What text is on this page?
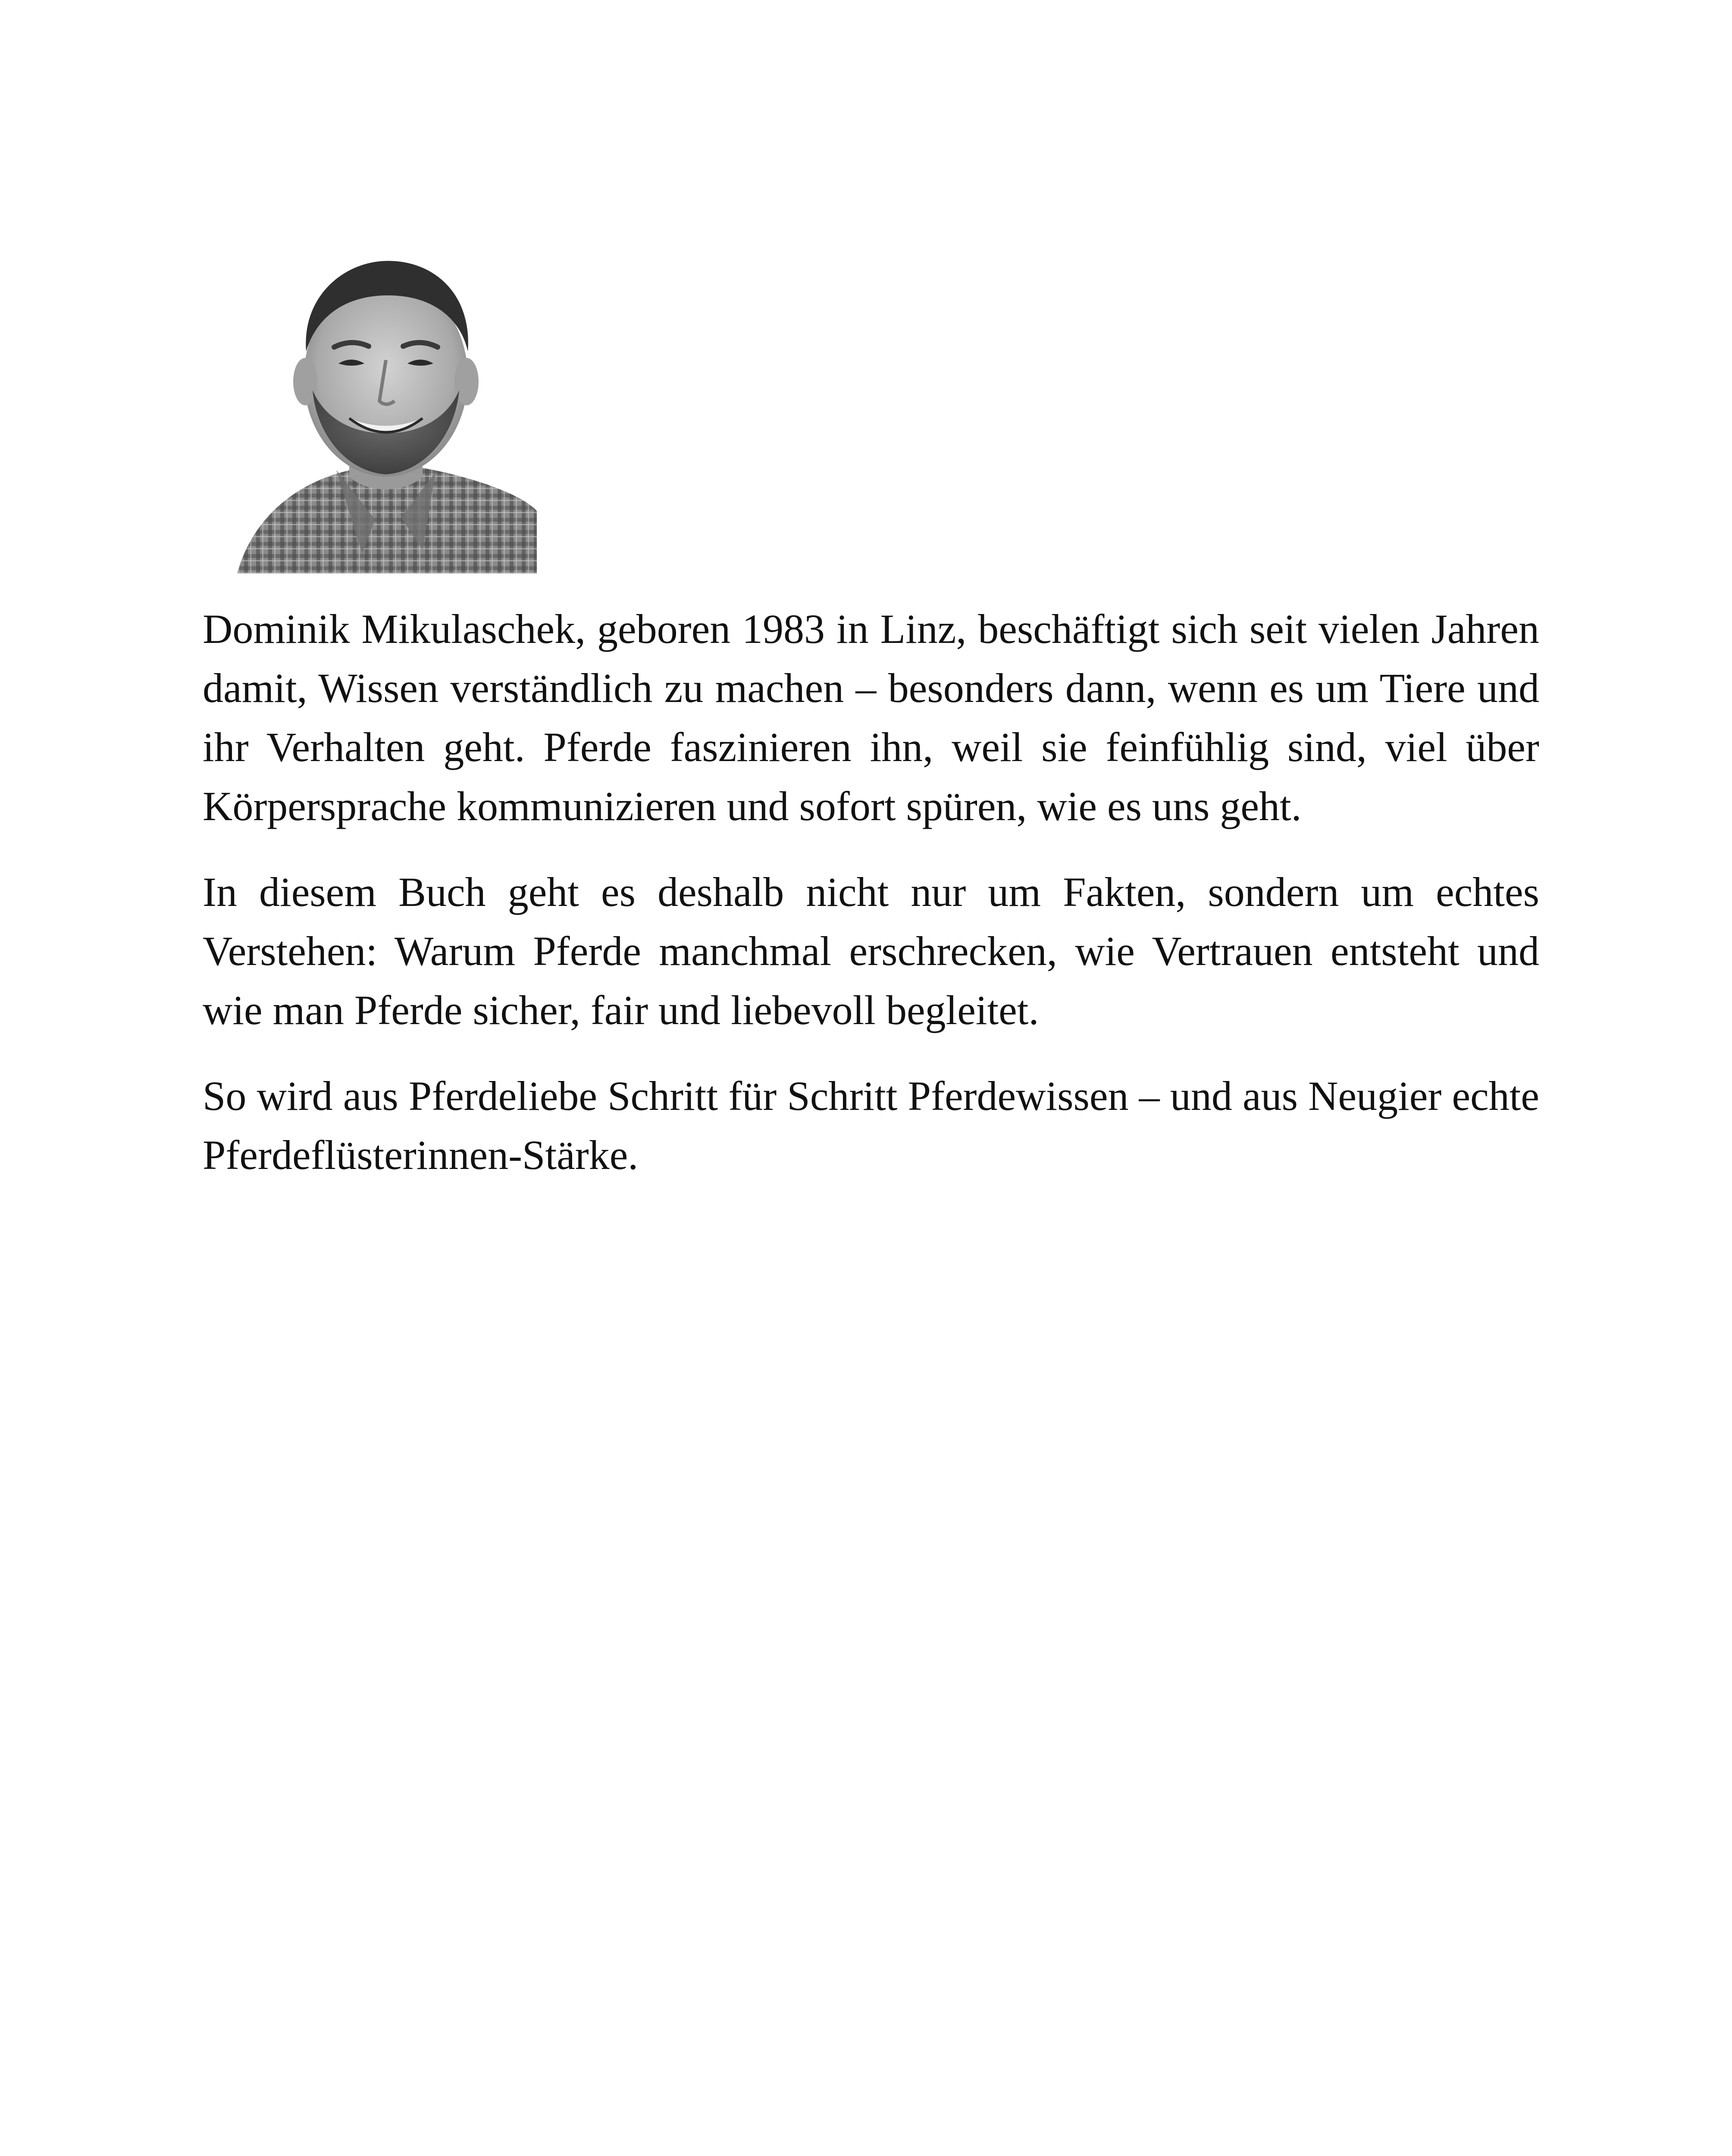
Dominik Mikulaschek, geboren 1983 in Linz, beschäftigt sich seit vielen Jahren damit, Wissen verständlich zu machen – besonders dann, wenn es um Tiere und ihr Verhalten geht. Pferde faszinieren ihn, weil sie feinfühlig sind, viel über Körpersprache kommunizieren und sofort spüren, wie es uns geht.

In diesem Buch geht es deshalb nicht nur um Fakten, sondern um echtes Verstehen: Warum Pferde manchmal erschrecken, wie Vertrauen entsteht und wie man Pferde sicher, fair und liebevoll begleitet.

So wird aus Pferdeliebe Schritt für Schritt Pferdewissen – und aus Neugier echte Pferdeflüsterinnen-Stärke.
